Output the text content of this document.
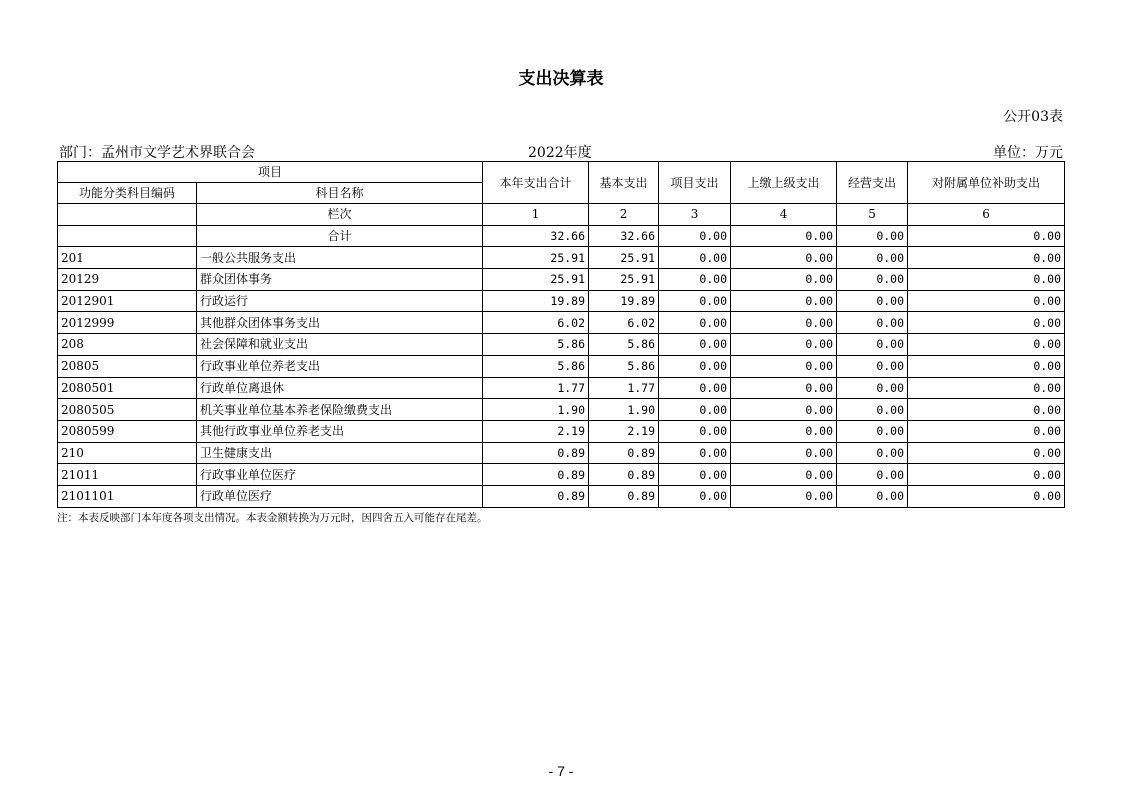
支出决算表
公开03表
部门：孟州市文学艺术界联合会	2022年度	单位：万元
项目		本年支出合计	基本支出	项目支出	上缴上级支出	经营支出	对附属单位补助支出
功能分类科目编码	科目名称						
	栏次	1	2	3	4	5	6
	合计	32.66	32.66	0.00	0.00	0.00	0.00
201	一般公共服务支出	25.91	25.91	0.00	0.00	0.00	0.00
20129	群众团体事务	25.91	25.91	0.00	0.00	0.00	0.00
2012901	行政运行	19.89	19.89	0.00	0.00	0.00	0.00
2012999	其他群众团体事务支出	6.02	6.02	0.00	0.00	0.00	0.00
208	社会保障和就业支出	5.86	5.86	0.00	0.00	0.00	0.00
20805	行政事业单位养老支出	5.86	5.86	0.00	0.00	0.00	0.00
2080501	行政单位离退休	1.77	1.77	0.00	0.00	0.00	0.00
2080505	机关事业单位基本养老保险缴费支出	1.90	1.90	0.00	0.00	0.00	0.00
2080599	其他行政事业单位养老支出	2.19	2.19	0.00	0.00	0.00	0.00
210	卫生健康支出	0.89	0.89	0.00	0.00	0.00	0.00
21011	行政事业单位医疗	0.89	0.89	0.00	0.00	0.00	0.00
2101101	行政单位医疗	0.89	0.89	0.00	0.00	0.00	0.00
注：本表反映部门本年度各项支出情况。本表金额转换为万元时，因四舍五入可能存在尾差。
- 7 -
